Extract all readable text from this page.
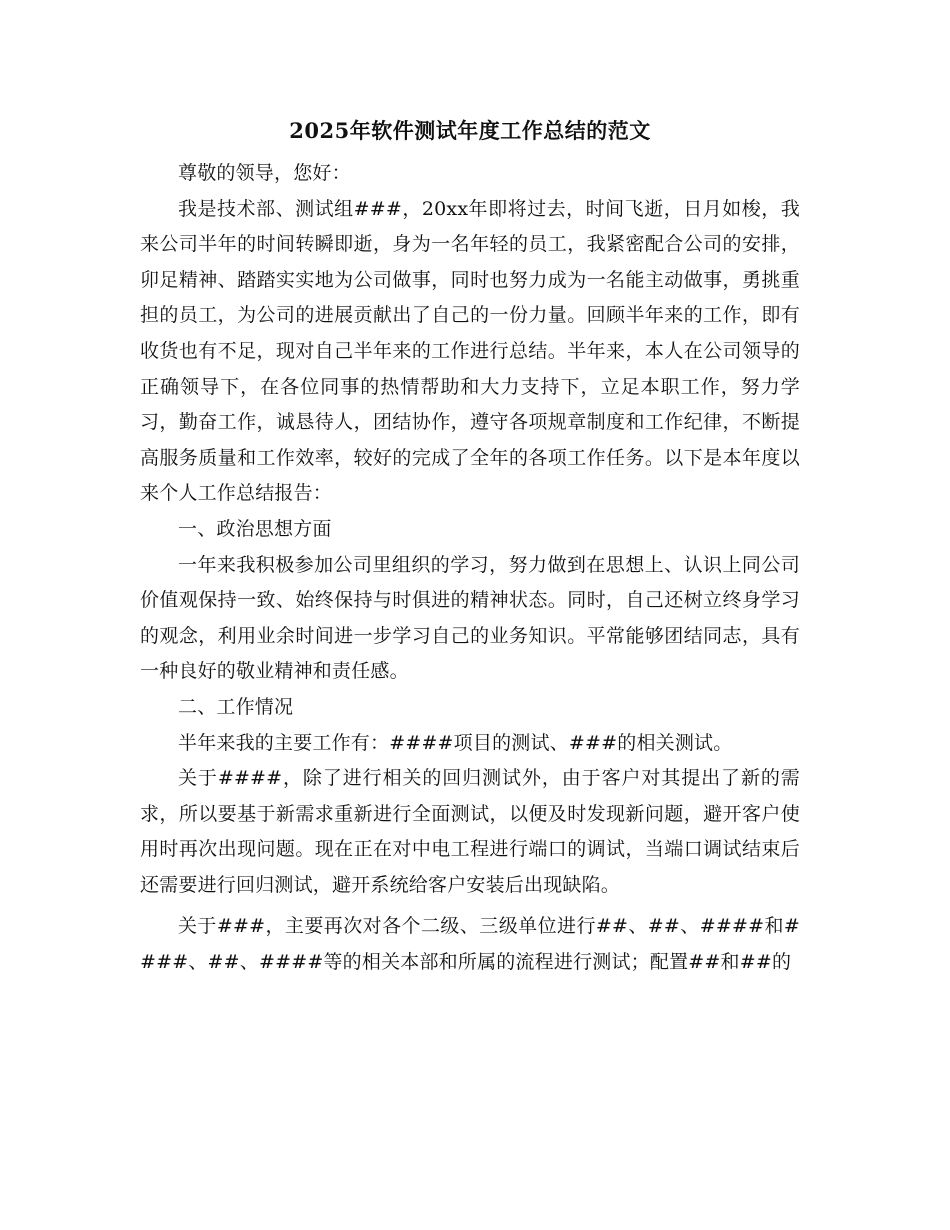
2025年软件测试年度工作总结的范文

尊敬的领导，您好：

我是技术部、测试组###，20xx年即将过去，时间飞逝，日月如梭，我来公司半年的时间转瞬即逝，身为一名年轻的员工，我紧密配合公司的安排，卯足精神、踏踏实实地为公司做事，同时也努力成为一名能主动做事，勇挑重担的员工，为公司的进展贡献出了自己的一份力量。回顾半年来的工作，即有收货也有不足，现对自己半年来的工作进行总结。半年来，本人在公司领导的正确领导下，在各位同事的热情帮助和大力支持下，立足本职工作，努力学习，勤奋工作，诚恳待人，团结协作，遵守各项规章制度和工作纪律，不断提高服务质量和工作效率，较好的完成了全年的各项工作任务。以下是本年度以来个人工作总结报告：

一、政治思想方面

一年来我积极参加公司里组织的学习，努力做到在思想上、认识上同公司价值观保持一致、始终保持与时俱进的精神状态。同时，自己还树立终身学习的观念，利用业余时间进一步学习自己的业务知识。平常能够团结同志，具有一种良好的敬业精神和责任感。

二、工作情况

半年来我的主要工作有：####项目的测试、###的相关测试。

关于####，除了进行相关的回归测试外，由于客户对其提出了新的需求，所以要基于新需求重新进行全面测试，以便及时发现新问题，避开客户使用时再次出现问题。现在正在对中电工程进行端口的调试，当端口调试结束后还需要进行回归测试，避开系统给客户安装后出现缺陷。

关于###，主要再次对各个二级、三级单位进行##、##、####和####、##、####等的相关本部和所属的流程进行测试；配置##和##的
